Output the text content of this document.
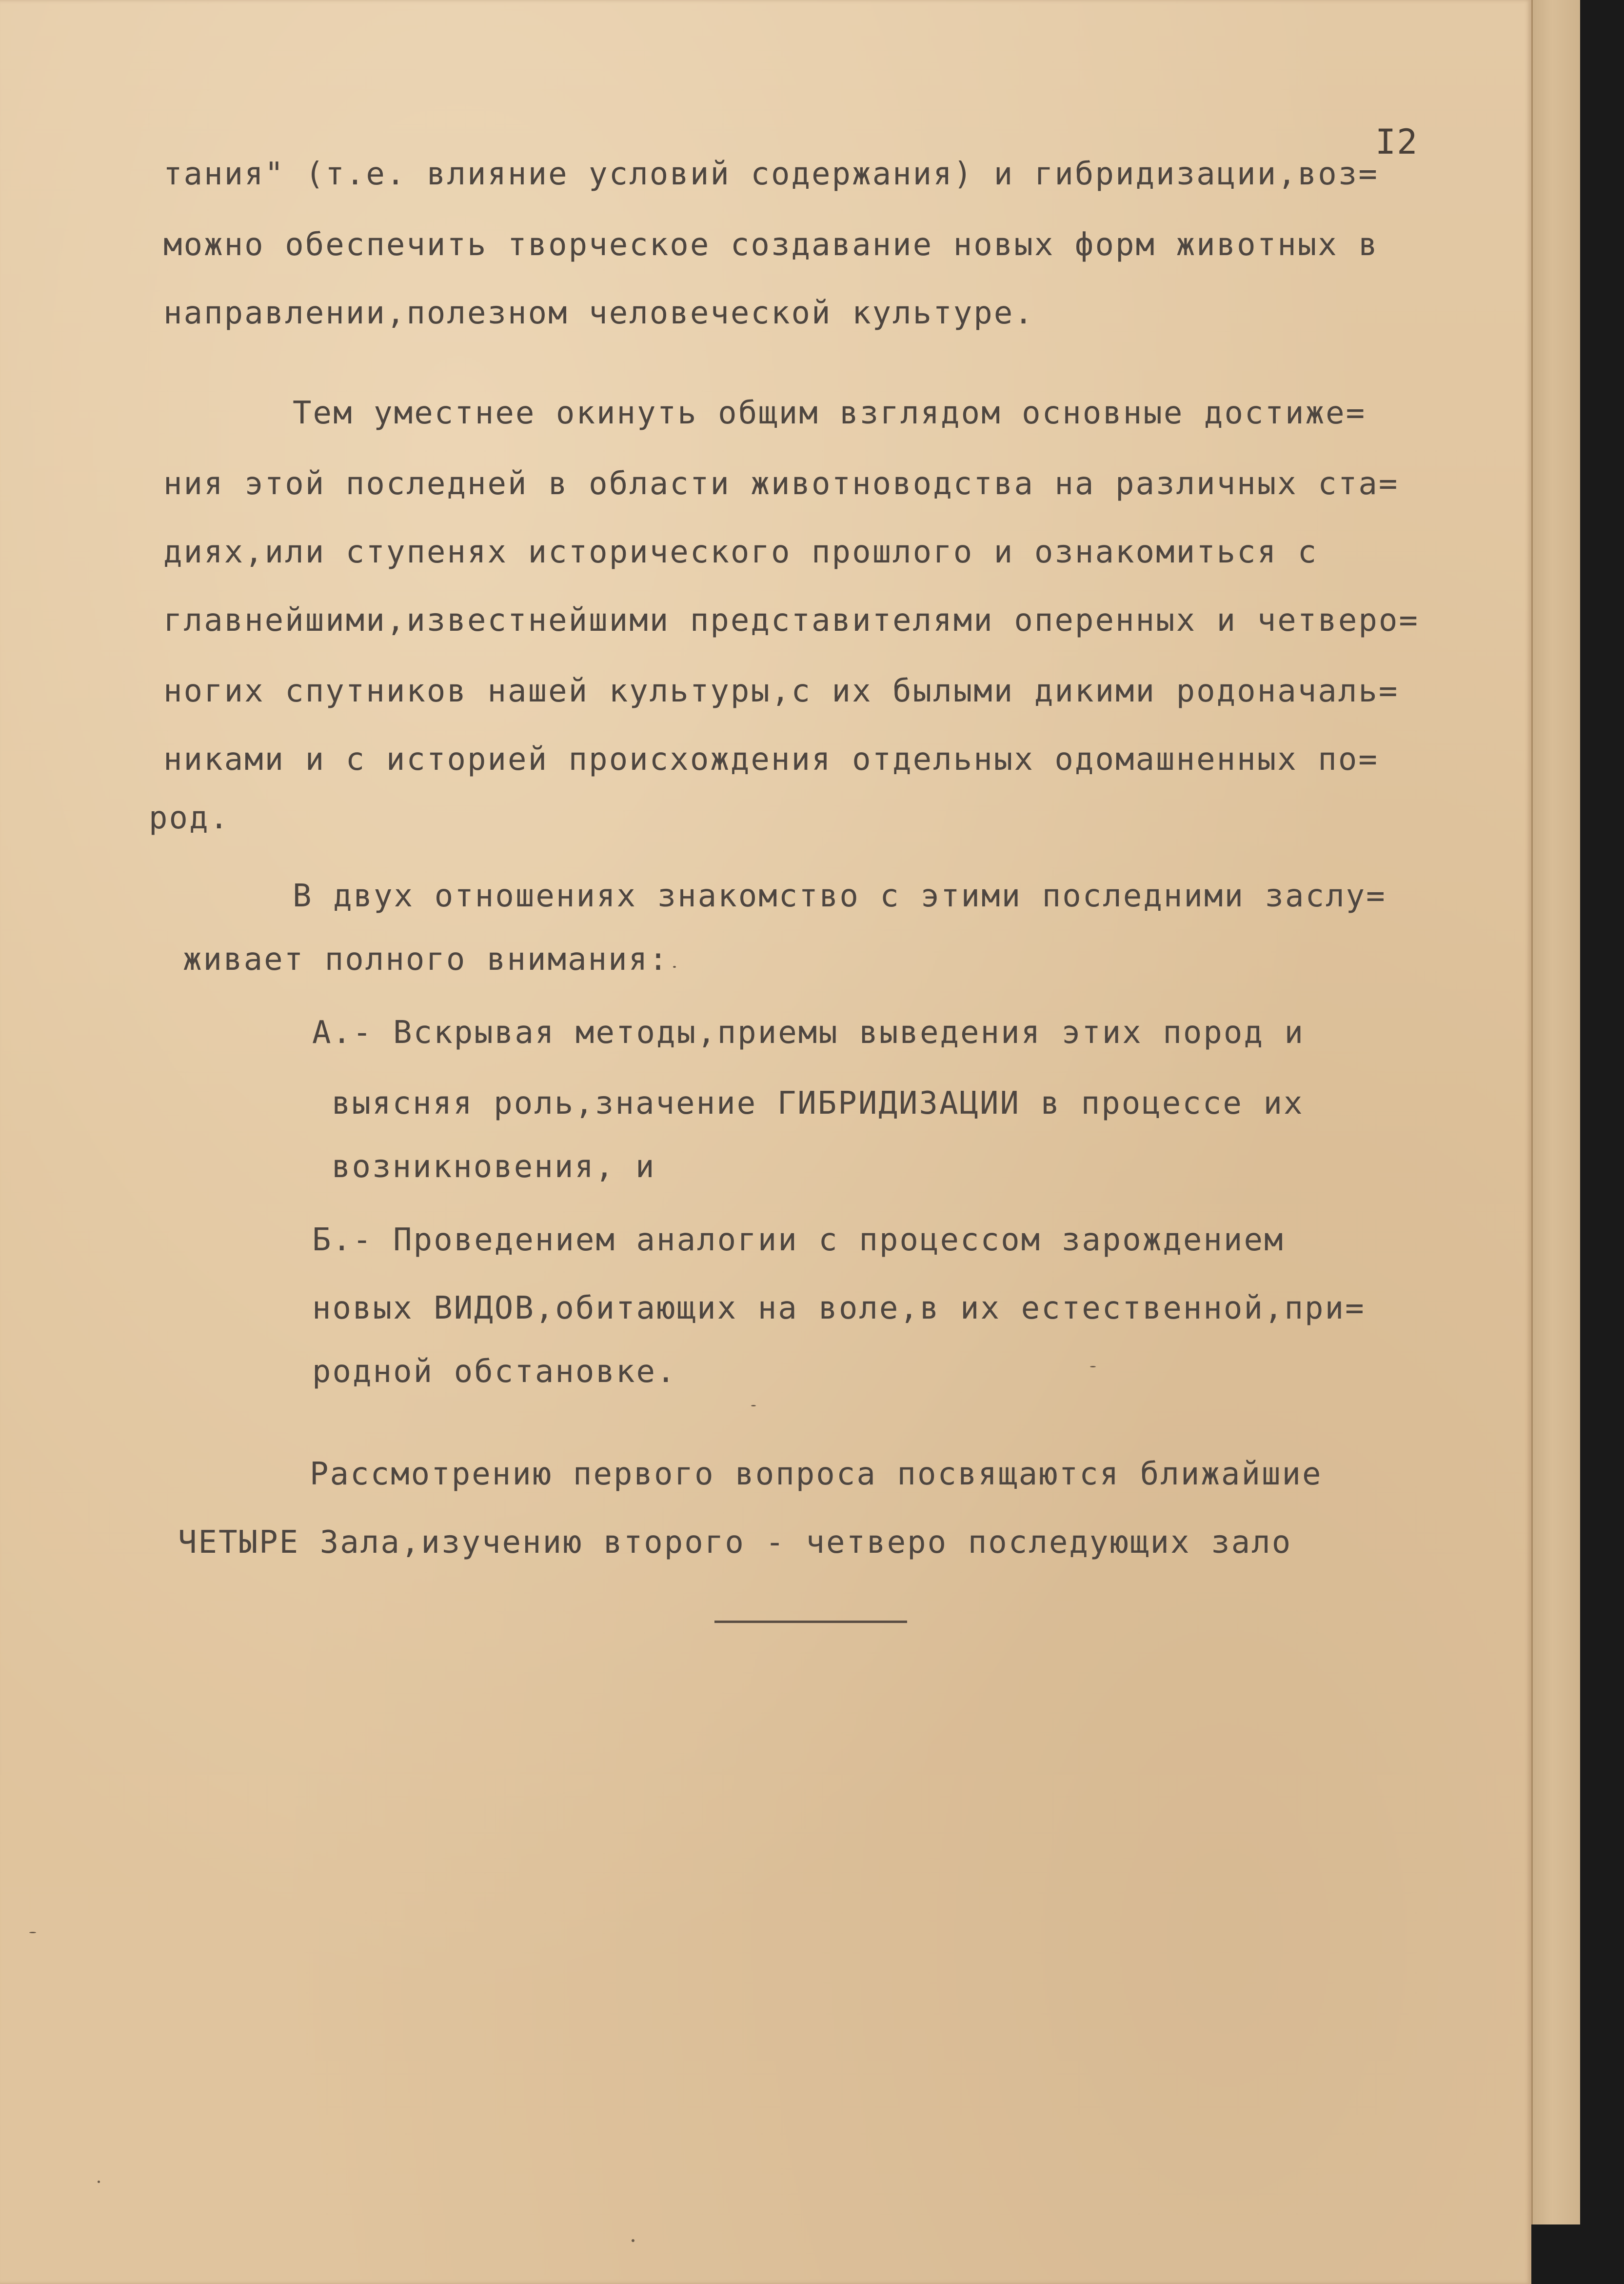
I2
тания" (т.е. влияние условий содержания) и гибридизации,воз=
можно обеспечить творческое создавание новых форм животных в
направлении,полезном человеческой культуре.
Тем уместнее окинуть общим взглядом основные достиже=
ния этой последней в области животноводства на различных ста=
диях,или ступенях исторического прошлого и ознакомиться с
главнейшими,известнейшими представителями оперенных и четверо=
ногих спутников нашей культуры,с их былыми дикими родоначаль=
никами и с историей происхождения отдельных одомашненных по=
род.
В двух отношениях знакомство с этими последними заслу=
живает полного внимания:
А.- Вскрывая методы,приемы выведения этих пород и
выясняя роль,значение ГИБРИДИЗАЦИИ в процессе их
возникновения, и
Б.- Проведением аналогии с процессом зарождением
новых ВИДОВ,обитающих на воле,в их естественной,при=
родной обстановке.
Рассмотрению первого вопроса посвящаются ближайшие
ЧЕТЫРЕ Зала,изучению второго - четверо последующих зало
